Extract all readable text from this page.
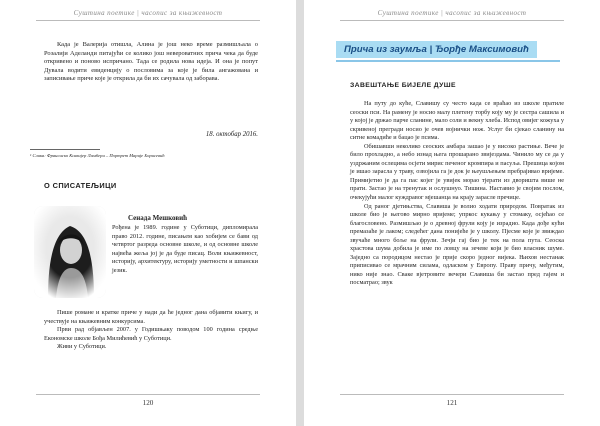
Суштина поетике | часопис за књижевност

Када је Валерија отишла, Алина је још неко време размишљала о Розалији Аделанди питајући се колико још невероватних прича чека да буде откривено и поново испричано. Тада се родила нова идеја. И она је попут Дувала водити евиденцију о пословима за које је била ангажована и записивање приче које је открила да би их сачувала од заборава.

18. октобар 2016.
¹ Слика: Франсиско Ксавијер Ламбери – Портрет Марије Борисевић
О СПИСАТЕЉИЦИ
Сенада Мешковић

Рођена је 1989. године у Суботици, дипломирала право 2012. године, писањем као хобијем се бави од четвртог разреда основне школе, и од основне школе највећа жеља јој је да буде писац. Воли књижевност, историју, архитектуру, историју уметности и шпански језик.

Пише романе и кратке приче у нади да ће једног дана објавити књигу, и учествује на књижевним конкурсима.

Први рад објављен 2007. у Годишњаку поводом 100 година средње Економске школе Бођа Милићевић у Суботици.

Живи у Суботици.

120
Суштина поетике | часопис за књижевност
Прича из заумља | Ђорђе Максимовић
ЗАВЕШТАЊЕ БИЈЕЛЕ ДУШЕ

На путу до куће, Славишу су често када се враћао из школе пратиле сеоски пси. На рамену је носио малу плетену торбу коју му је сестра сашила и у којој је држао парче сланине, мало соли и векну хлеба. Испод овијег кожуха у скривеној прегради носио је очев војнички нож. Услуг би сјекао сланину на ситне комадиће и бацао је псима.

Обишавши неколико сеоских амбара зашао је у високо растиње. Вече је било прохладно, а небо изнад њега прошарано звијездама. Чинило му се да у уздржаним ослецима осјети мирис печеног кромпира и пасуља. Прешица којом је ишао зарасла у траву, озвојила га је док је њеушљењем пребрајивао вријеме. Примијетио је да га пас којег је увијек морао тјерати из дворишта више не прати. Застао је на тренутак и ослушнуо. Тишина. Наставио је својим послом, очекујући малог куждравог мјешанца на крају зарасле пречице.

Од раног дјетињства, Славиша је волио ходати природом. Повратак из школе био је његово мирно вријеме; упркос кукању у стомаку, осјећао се благословено. Размишљао је о древној фрули коју је израдио. Када дође кући премазаће је лаком; следећег дана понијеће је у школу. Пјесме које је звиждао звучаће много боље на фрули. Зечји гај био је тек на пола пута. Сеоска храстова шума добила је име по ловцу на зечеве који је био власник шуме. Заједно са породицом нестао је прије скоро једног вијека. Њихов нестанак приписивао се мрачним силама, одласком у Европу. Праву причу, међутим, нико није знао. Сваке вјетровите вечери Славиша би застао пред гајем и посматрао; звук

121
